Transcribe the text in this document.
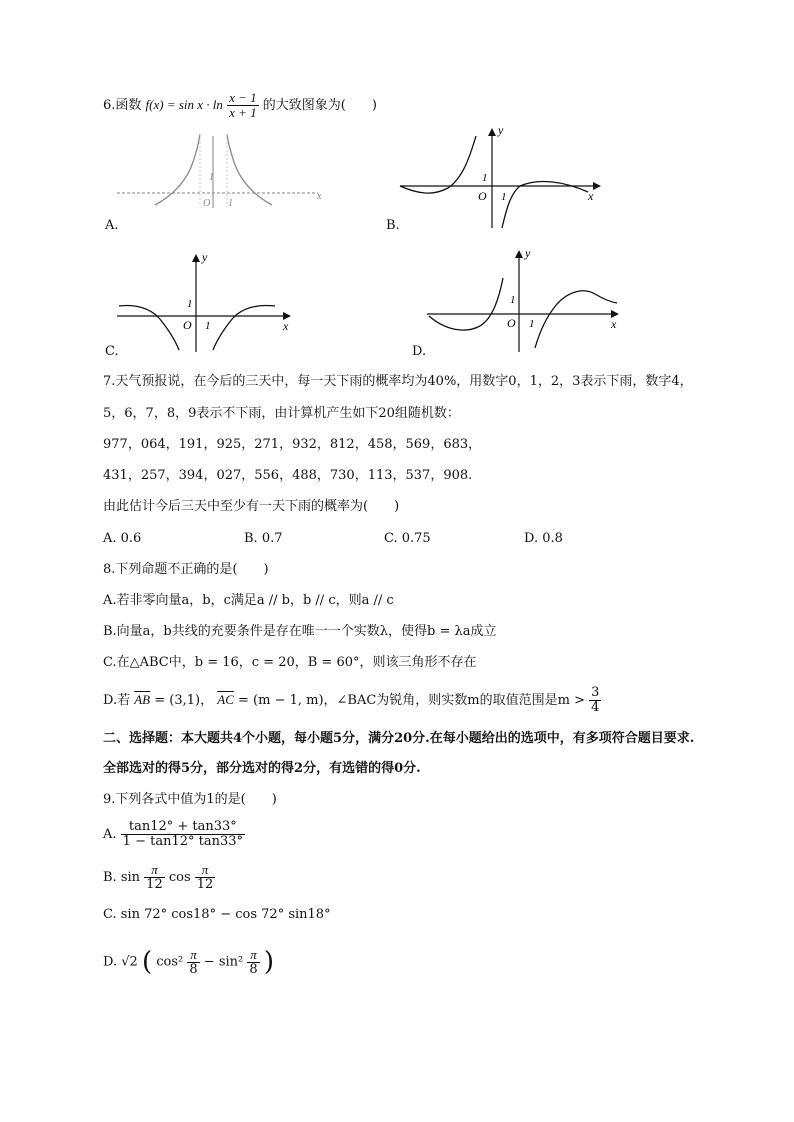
6.函数 $f(x) = \sin x \cdot \ln \frac{x - 1}{x + 1}$ 的大致图象为(　　)
1
O 1
x
A.
y
1
O 1	x
B.
y
1
O 1	x
C.
y
1
O 1	x
D.
7.天气预报说，在今后的三天中，每一天下雨的概率均为40%，用数字0，1，2，3表示下雨，数字4，
5，6，7，8，9表示不下雨，由计算机产生如下20组随机数：
977，064，191，925，271，932，812，458，569，683，
431，257，394，027，556，488，730，113，537，908.
由此估计今后三天中至少有一天下雨的概率为(　　)
A. 0.6	B. 0.7	C. 0.75	D. 0.8
8.下列命题不正确的是(　　)
A.若非零向量a，b，c满足a // b，b // c，则a // c
B.向量a，b共线的充要条件是存在唯一一个实数λ，使得b = λa成立
C.在△ABC中，b = 16，c = 20，B = 60°，则该三角形不存在
D.若 $\overline{AB} = (3,1)$， $\overline{AC} = (m - 1$, m)，∠BAC为锐角，则实数m的取值范围是$m > \frac{3}{4}$
二、选择题：本大题共4个小题，每小题5分，满分20分.在每小题给出的选项中，有多项符合题目要求.
全部选对的得5分，部分选对的得2分，有选错的得0分.
9.下列各式中值为1的是(　　)
A. $\frac{\tan 12^\circ + \tan 33^\circ}{1 - \tan 12^\circ \tan 33^\circ}$
B. $\sin \frac{\pi}{12}$ $\cos \frac{\pi}{12}$
C. sin 72° cos18° − cos 72° sin18°
D. √2 ( $\cos^2 \frac{\pi}{8} - \sin^2 \frac{\pi}{8}$ )
